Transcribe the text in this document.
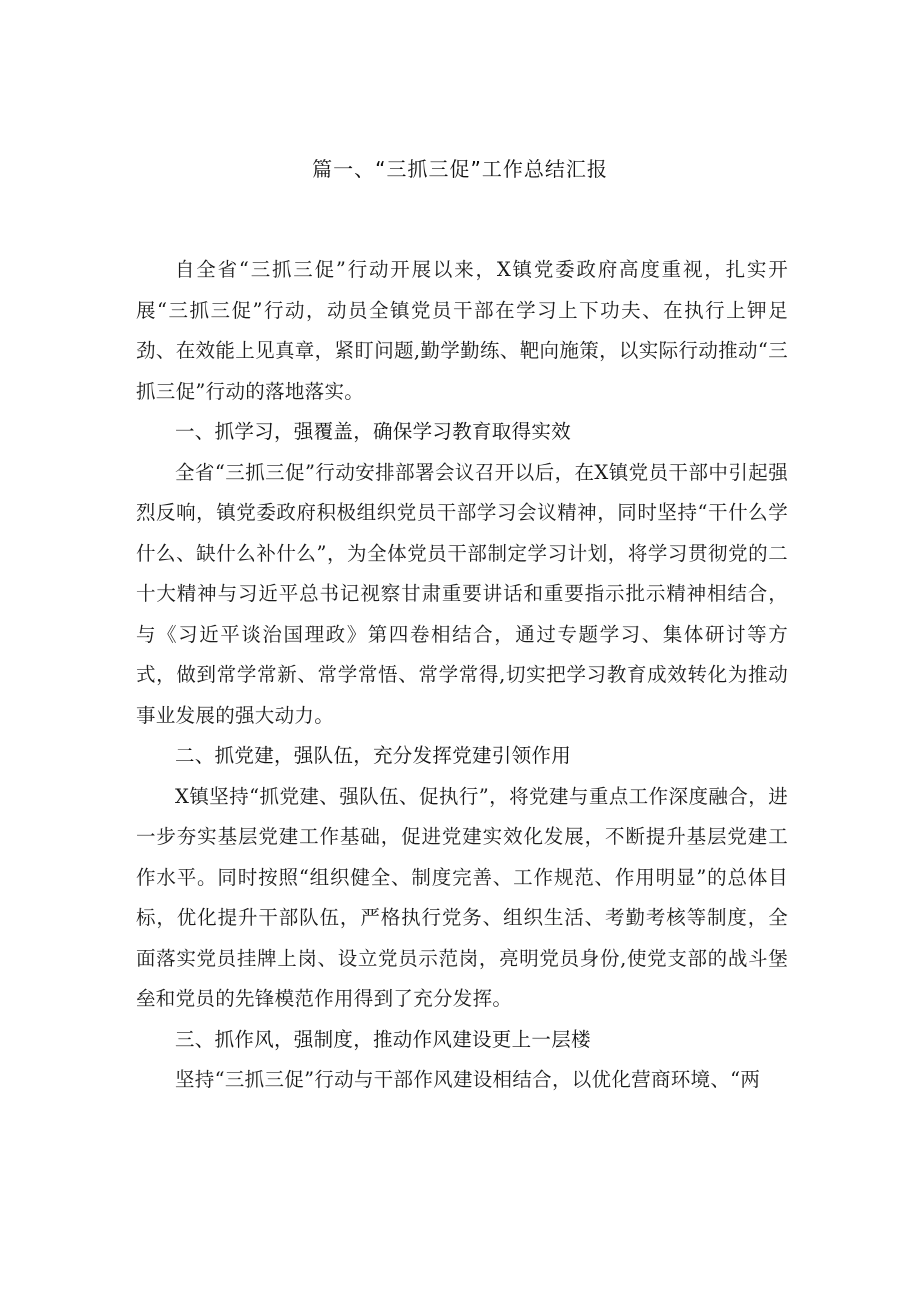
篇一、“三抓三促”工作总结汇报

自全省“三抓三促”行动开展以来，X镇党委政府高度重视，扎实开展“三抓三促”行动，动员全镇党员干部在学习上下功夫、在执行上钾足劲、在效能上见真章，紧盯问题,勤学勤练、靶向施策，以实际行动推动“三抓三促”行动的落地落实。

一、抓学习，强覆盖，确保学习教育取得实效

全省“三抓三促”行动安排部署会议召开以后，在X镇党员干部中引起强烈反响，镇党委政府积极组织党员干部学习会议精神，同时坚持“干什么学什么、缺什么补什么”，为全体党员干部制定学习计划，将学习贯彻党的二十大精神与习近平总书记视察甘肃重要讲话和重要指示批示精神相结合，与《习近平谈治国理政》第四卷相结合，通过专题学习、集体研讨等方式，做到常学常新、常学常悟、常学常得,切实把学习教育成效转化为推动事业发展的强大动力。

二、抓党建，强队伍，充分发挥党建引领作用

X镇坚持“抓党建、强队伍、促执行”，将党建与重点工作深度融合，进一步夯实基层党建工作基础，促进党建实效化发展，不断提升基层党建工作水平。同时按照“组织健全、制度完善、工作规范、作用明显”的总体目标，优化提升干部队伍，严格执行党务、组织生活、考勤考核等制度，全面落实党员挂牌上岗、设立党员示范岗，亮明党员身份,使党支部的战斗堡垒和党员的先锋模范作用得到了充分发挥。

三、抓作风，强制度，推动作风建设更上一层楼

坚持“三抓三促”行动与干部作风建设相结合，以优化营商环境、“两
